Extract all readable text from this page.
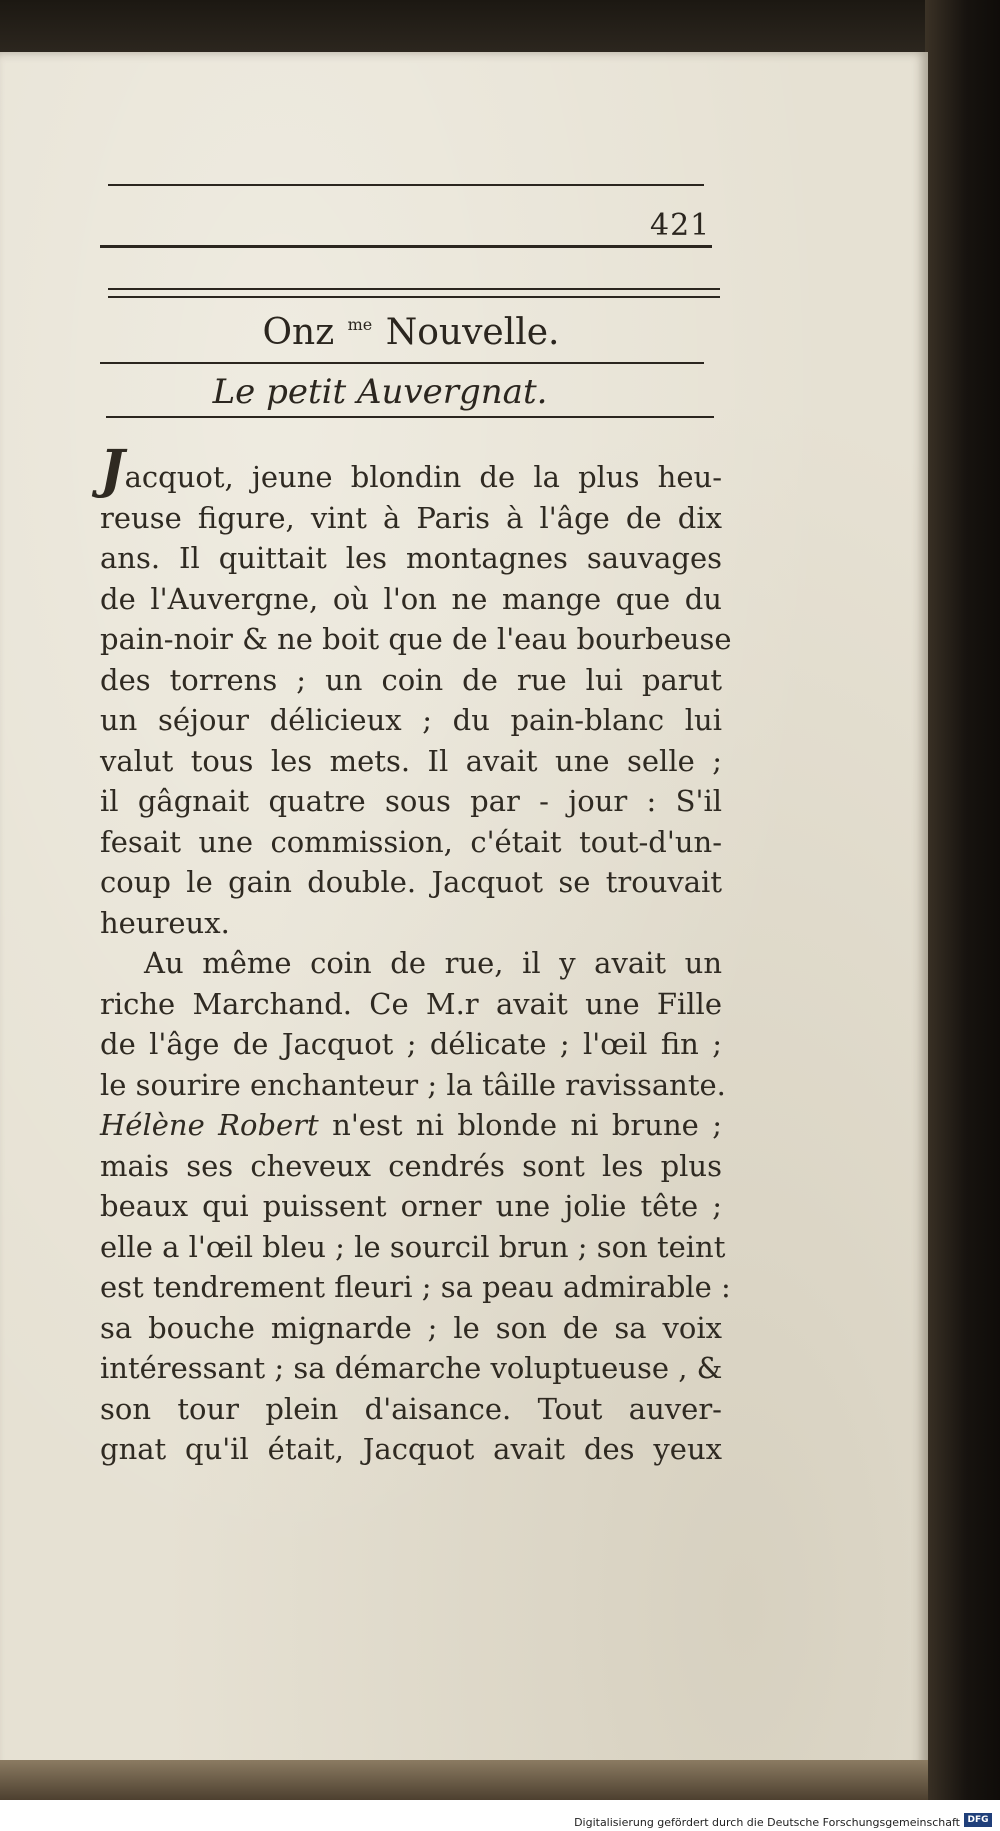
421
Onz $^{me}$ Nouvelle.
Le petit Auvergnat.
Jacquot, jeune blondin de la plus heu-
reuse figure, vint à Paris à l'âge de dix
ans. Il quittait les montagnes sauvages
de l'Auvergne, où l'on ne mange que du
pain-noir & ne boit que de l'eau bourbeuse
des torrens ; un coin de rue lui parut
un séjour délicieux ; du pain-blanc lui
valut tous les mets. Il avait une selle ;
il gâgnait quatre sous par - jour : S'il
fesait une commission, c'était tout-d'un-
coup le gain double. Jacquot se trouvait
heureux.
Au même coin de rue, il y avait un
riche Marchand. Ce M.r avait une Fille
de l'âge de Jacquot ; délicate ; l'œil fin ;
le sourire enchanteur ; la tâille ravissante.
Hélène Robert n'est ni blonde ni brune ;
mais ses cheveux cendrés sont les plus
beaux qui puissent orner une jolie tête ;
elle a l'œil bleu ; le sourcil brun ; son teint
est tendrement fleuri ; sa peau admirable :
sa bouche mignarde ; le son de sa voix
intéressant ; sa démarche voluptueuse , &
son tour plein d'aisance. Tout auver-
gnat qu'il était, Jacquot avait des yeux
Digitalisierung gefördert durch die Deutsche Forschungsgemeinschaft DFG
